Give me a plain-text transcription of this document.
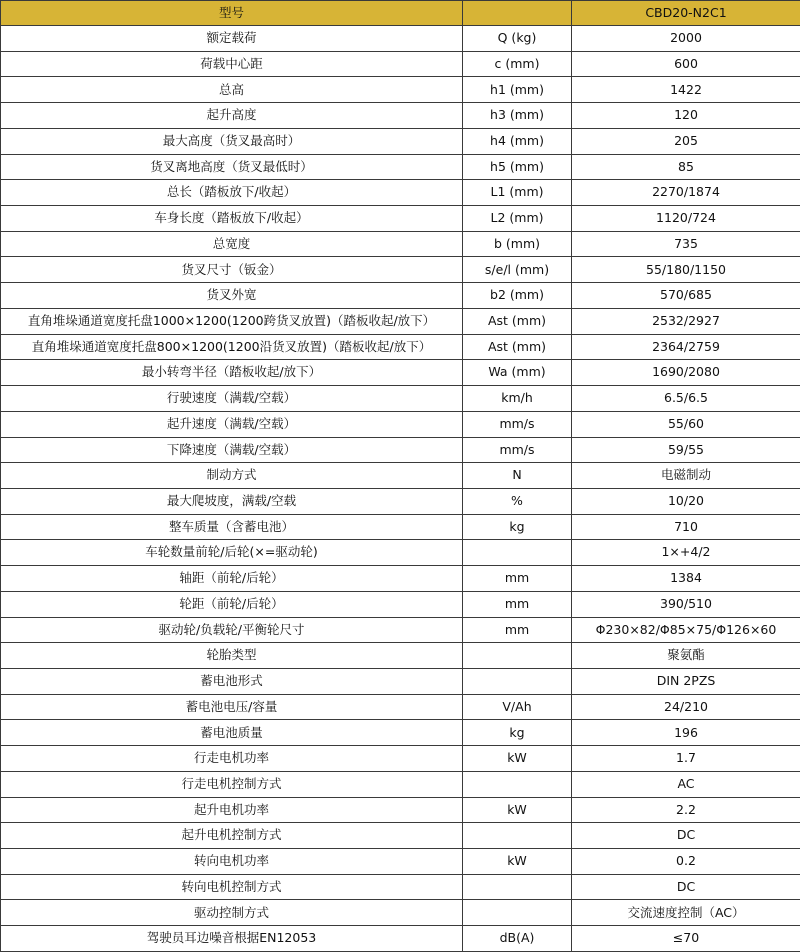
型号		CBD20-N2C1
额定载荷	Q (kg)	2000
荷载中心距	c (mm)	600
总高	h1 (mm)	1422
起升高度	h3 (mm)	120
最大高度（货叉最高时）	h4 (mm)	205
货叉离地高度（货叉最低时）	h5 (mm)	85
总长（踏板放下/收起）	L1 (mm)	2270/1874
车身长度（踏板放下/收起）	L2 (mm)	1120/724
总宽度	b (mm)	735
货叉尺寸（钣金）	s/e/l (mm)	55/180/1150
货叉外宽	b2 (mm)	570/685
直角堆垛通道宽度托盘1000×1200(1200跨货叉放置)（踏板收起/放下）	Ast (mm)	2532/2927
直角堆垛通道宽度托盘800×1200(1200沿货叉放置)（踏板收起/放下）	Ast (mm)	2364/2759
最小转弯半径（踏板收起/放下）	Wa (mm)	1690/2080
行驶速度（满载/空载）	km/h	6.5/6.5
起升速度（满载/空载）	mm/s	55/60
下降速度（满载/空载）	mm/s	59/55
制动方式	N	电磁制动
最大爬坡度，满载/空载	%	10/20
整车质量（含蓄电池）	kg	710
车轮数量前轮/后轮(×=驱动轮)		1×+4/2
轴距（前轮/后轮）	mm	1384
轮距（前轮/后轮）	mm	390/510
驱动轮/负载轮/平衡轮尺寸	mm	Φ230×82/Φ85×75/Φ126×60
轮胎类型		聚氨酯
蓄电池形式		DIN 2PZS
蓄电池电压/容量	V/Ah	24/210
蓄电池质量	kg	196
行走电机功率	kW	1.7
行走电机控制方式		AC
起升电机功率	kW	2.2
起升电机控制方式		DC
转向电机功率	kW	0.2
转向电机控制方式		DC
驱动控制方式		交流速度控制（AC）
驾驶员耳边噪音根据EN12053	dB(A)	≤70
